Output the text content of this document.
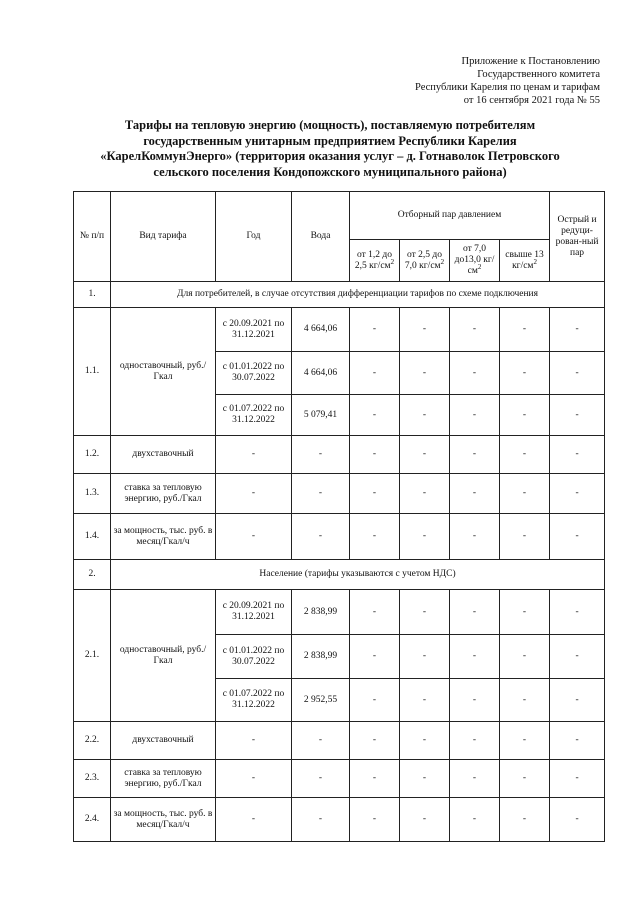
Приложение к Постановлению
Государственного комитета
Республики Карелия по ценам и тарифам
от 16 сентября 2021 года № 55
Тарифы на тепловую энергию (мощность), поставляемую потребителям
государственным унитарным предприятием Республики Карелия
«КарелКоммунЭнерго» (территория оказания услуг – д. Готнаволок Петровского
сельского поселения Кондопожского муниципального района)
№ п/п	Вид тарифа	Год	Вода	Отборный пар давлением				Острый и редуци-рован-ный пар
				от 1,2 до 2,5 $кг/см^2$	от 2,5 до 7,0 $кг/см^2$	от 7,0 до13,0 $кг/см^2$	свыше 13 $кг/см^2$
1.	Для потребителей, в случае отсутствия дифференциации тарифов по схеме подключения							
1.1.	одноставочный, руб./Гкал	с 20.09.2021 по 31.12.2021	4 664,06	-	-	-	-	-
		с 01.01.2022 по 30.07.2022	4 664,06	-	-	-	-	-
		с 01.07.2022 по 31.12.2022	5 079,41	-	-	-	-	-
1.2.	двухставочный	-	-	-	-	-	-	-
1.3.	ставка за тепловую энергию, руб./Гкал	-	-	-	-	-	-	-
1.4.	за мощность, тыс. руб. в месяц/Гкал/ч	-	-	-	-	-	-	-
2.	Население (тарифы указываются с учетом НДС)							
2.1.	одноставочный, руб./Гкал	с 20.09.2021 по 31.12.2021	2 838,99	-	-	-	-	-
		с 01.01.2022 по 30.07.2022	2 838,99	-	-	-	-	-
		с 01.07.2022 по 31.12.2022	2 952,55	-	-	-	-	-
2.2.	двухставочный	-	-	-	-	-	-	-
2.3.	ставка за тепловую энергию, руб./Гкал	-	-	-	-	-	-	-
2.4.	за мощность, тыс. руб. в месяц/Гкал/ч	-	-	-	-	-	-	-
